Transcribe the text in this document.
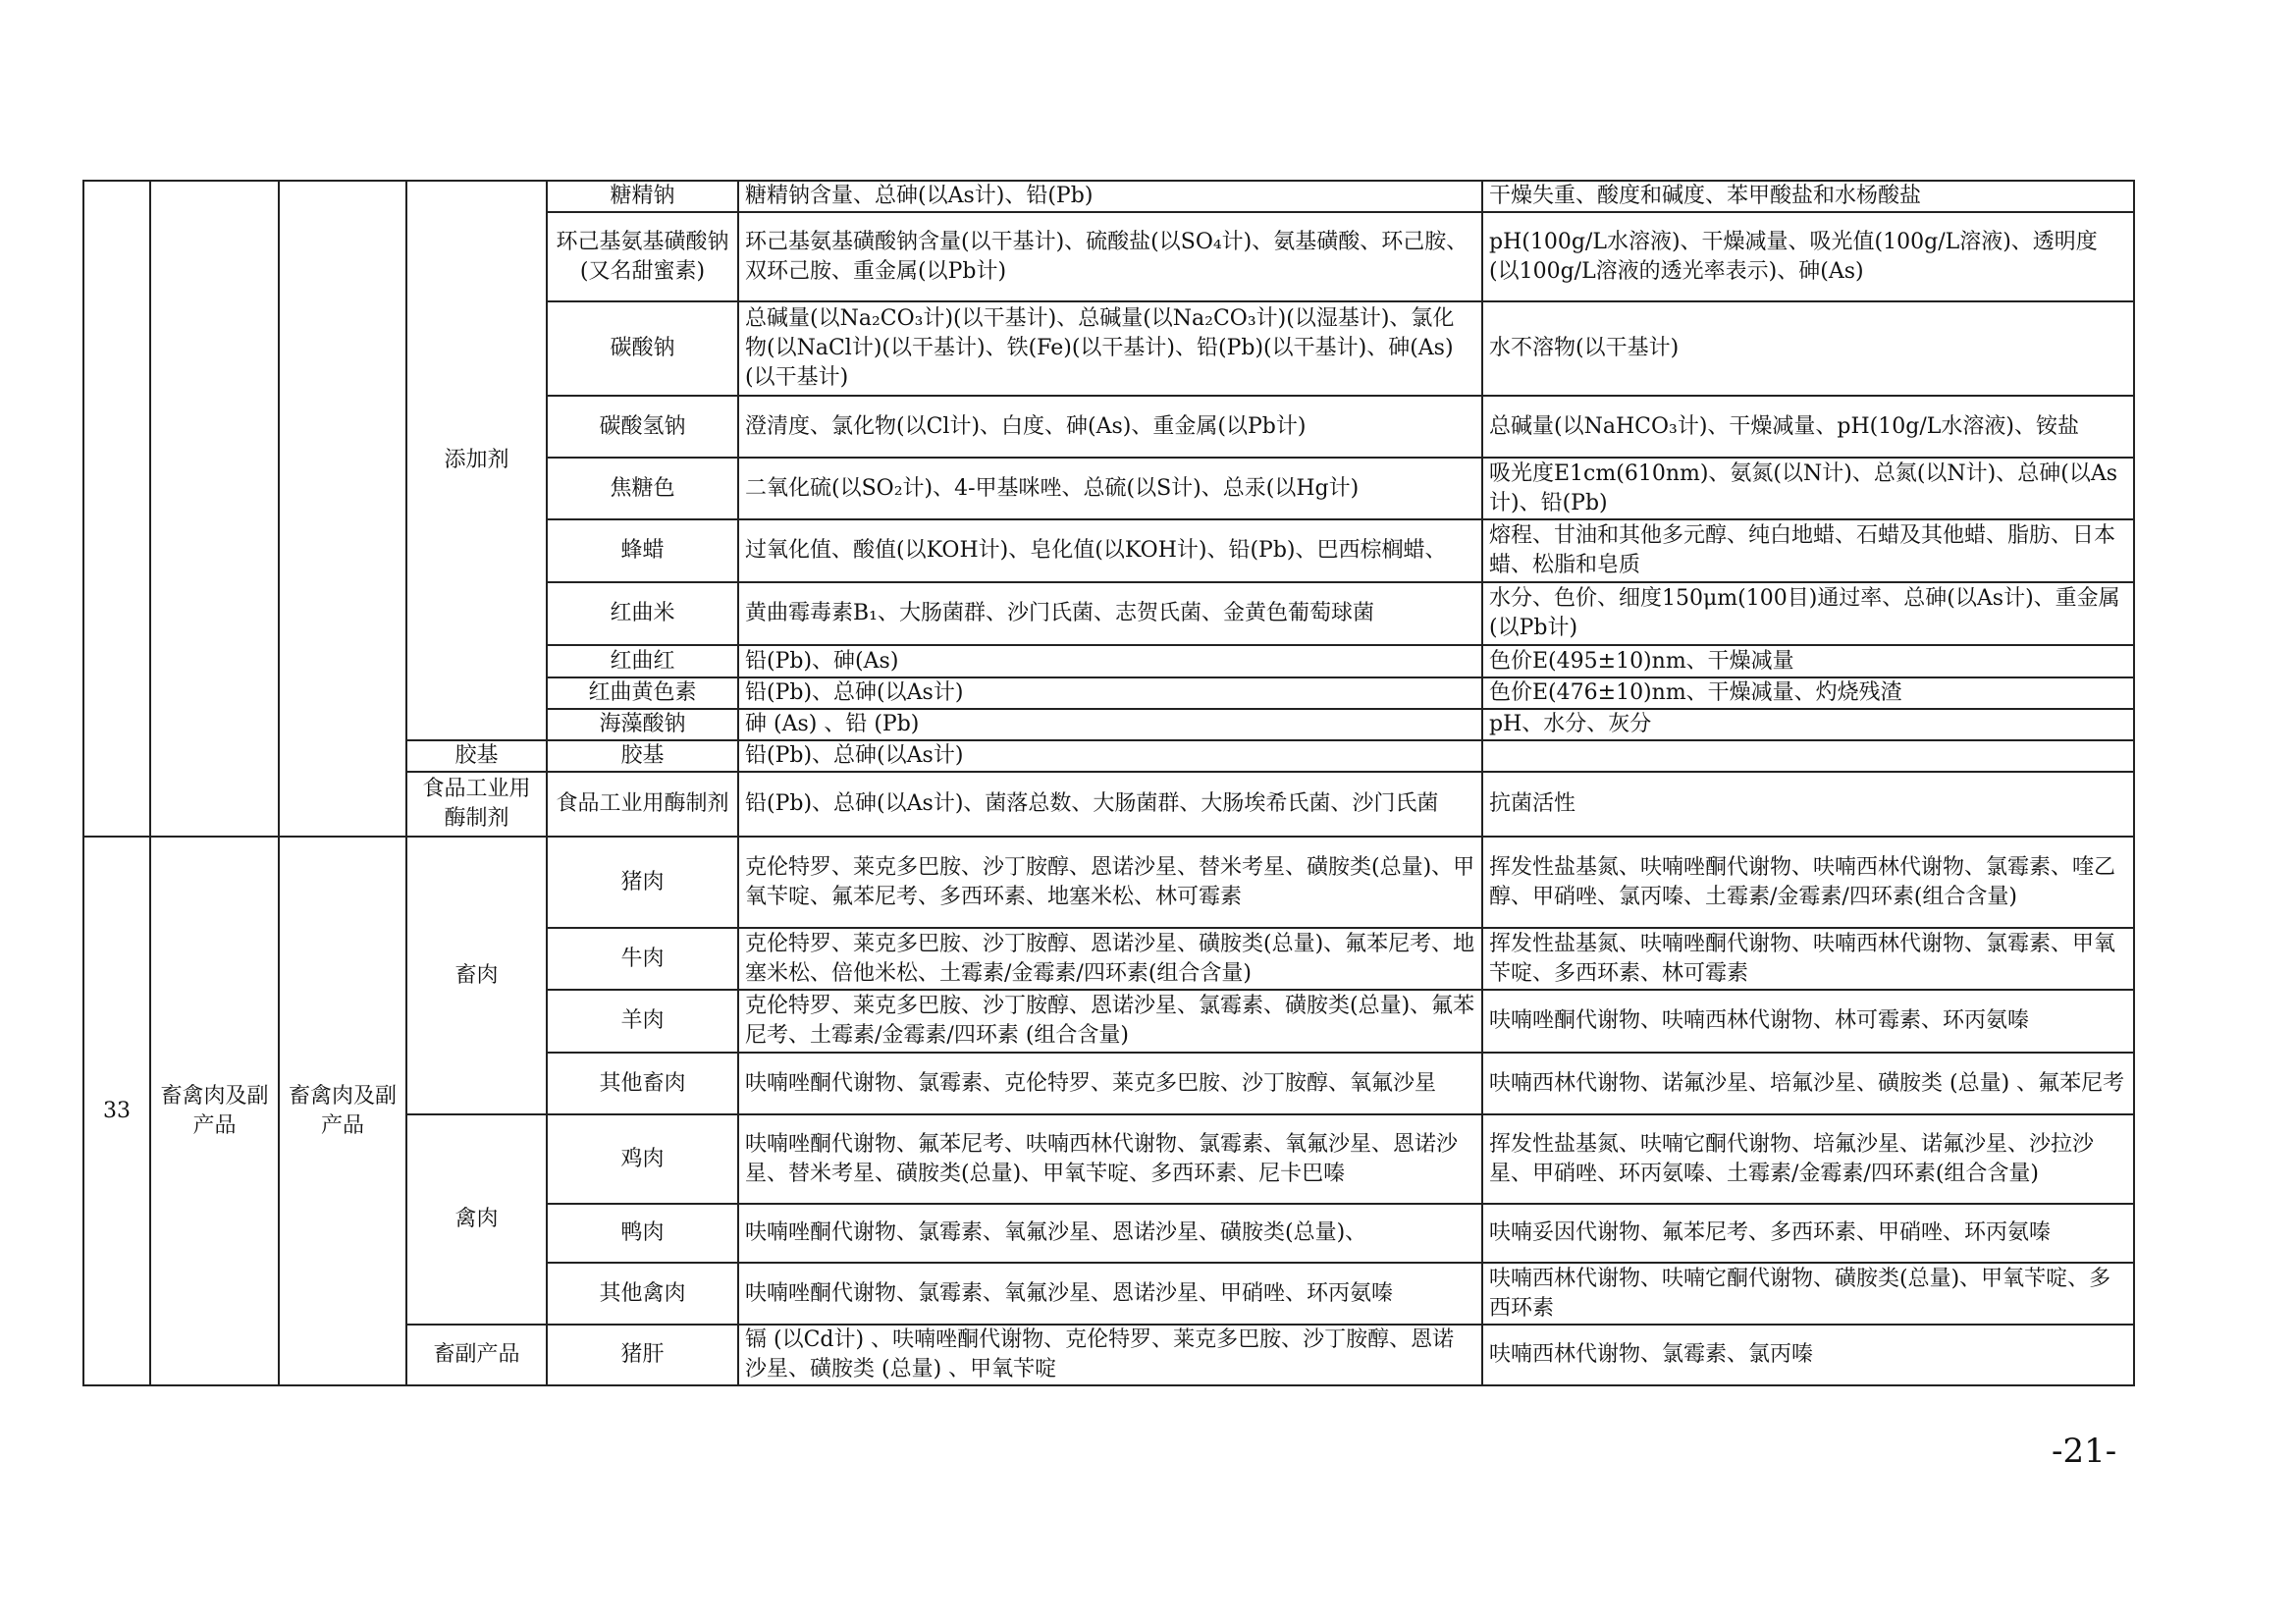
			添加剂	糖精钠	糖精钠含量、总砷(以As计)、铅(Pb)	干燥失重、酸度和碱度、苯甲酸盐和水杨酸盐
				环己基氨基磺酸钠(又名甜蜜素)	环己基氨基磺酸钠含量(以干基计)、硫酸盐(以SO₄计)、氨基磺酸、环己胺、双环己胺、重金属(以Pb计)	pH(100g/L水溶液)、干燥减量、吸光值(100g/L溶液)、透明度(以100g/L溶液的透光率表示)、砷(As)
				碳酸钠	总碱量(以Na₂CO₃计)(以干基计)、总碱量(以Na₂CO₃计)(以湿基计)、氯化物(以NaCl计)(以干基计)、铁(Fe)(以干基计)、铅(Pb)(以干基计)、砷(As)(以干基计)	水不溶物(以干基计)
				碳酸氢钠	澄清度、氯化物(以Cl计)、白度、砷(As)、重金属(以Pb计)	总碱量(以NaHCO₃计)、干燥减量、pH(10g/L水溶液)、铵盐
				焦糖色	二氧化硫(以SO₂计)、4-甲基咪唑、总硫(以S计)、总汞(以Hg计)	吸光度E1cm(610nm)、氨氮(以N计)、总氮(以N计)、总砷(以As计)、铅(Pb)
				蜂蜡	过氧化值、酸值(以KOH计)、皂化值(以KOH计)、铅(Pb)、巴西棕榈蜡、	熔程、甘油和其他多元醇、纯白地蜡、石蜡及其他蜡、脂肪、日本蜡、松脂和皂质
				红曲米	黄曲霉毒素B₁、大肠菌群、沙门氏菌、志贺氏菌、金黄色葡萄球菌	水分、色价、细度150μm(100目)通过率、总砷(以As计)、重金属(以Pb计)
				红曲红	铅(Pb)、砷(As)	色价E(495±10)nm、干燥减量
				红曲黄色素	铅(Pb)、总砷(以As计)	色价E(476±10)nm、干燥减量、灼烧残渣
				海藻酸钠	砷 (As) 、铅 (Pb)	pH、水分、灰分
			胶基	胶基	铅(Pb)、总砷(以As计)	
			食品工业用酶制剂	食品工业用酶制剂	铅(Pb)、总砷(以As计)、菌落总数、大肠菌群、大肠埃希氏菌、沙门氏菌	抗菌活性
33	畜禽肉及副产品	畜禽肉及副产品	畜肉	猪肉	克伦特罗、莱克多巴胺、沙丁胺醇、恩诺沙星、替米考星、磺胺类(总量)、甲氧苄啶、氟苯尼考、多西环素、地塞米松、林可霉素	挥发性盐基氮、呋喃唑酮代谢物、呋喃西林代谢物、氯霉素、喹乙醇、甲硝唑、氯丙嗪、土霉素/金霉素/四环素(组合含量)
				牛肉	克伦特罗、莱克多巴胺、沙丁胺醇、恩诺沙星、磺胺类(总量)、氟苯尼考、地塞米松、倍他米松、土霉素/金霉素/四环素(组合含量)	挥发性盐基氮、呋喃唑酮代谢物、呋喃西林代谢物、氯霉素、甲氧苄啶、多西环素、林可霉素
				羊肉	克伦特罗、莱克多巴胺、沙丁胺醇、恩诺沙星、氯霉素、磺胺类(总量)、氟苯尼考、土霉素/金霉素/四环素 (组合含量)	呋喃唑酮代谢物、呋喃西林代谢物、林可霉素、环丙氨嗪
				其他畜肉	呋喃唑酮代谢物、氯霉素、克伦特罗、莱克多巴胺、沙丁胺醇、氧氟沙星	呋喃西林代谢物、诺氟沙星、培氟沙星、磺胺类 (总量) 、氟苯尼考
			禽肉	鸡肉	呋喃唑酮代谢物、氟苯尼考、呋喃西林代谢物、氯霉素、氧氟沙星、恩诺沙星、替米考星、磺胺类(总量)、甲氧苄啶、多西环素、尼卡巴嗪	挥发性盐基氮、呋喃它酮代谢物、培氟沙星、诺氟沙星、沙拉沙星、甲硝唑、环丙氨嗪、土霉素/金霉素/四环素(组合含量)
				鸭肉	呋喃唑酮代谢物、氯霉素、氧氟沙星、恩诺沙星、磺胺类(总量)、	呋喃妥因代谢物、氟苯尼考、多西环素、甲硝唑、环丙氨嗪
				其他禽肉	呋喃唑酮代谢物、氯霉素、氧氟沙星、恩诺沙星、甲硝唑、环丙氨嗪	呋喃西林代谢物、呋喃它酮代谢物、磺胺类(总量)、甲氧苄啶、多西环素
			畜副产品	猪肝	镉 (以Cd计) 、呋喃唑酮代谢物、克伦特罗、莱克多巴胺、沙丁胺醇、恩诺沙星、磺胺类 (总量) 、甲氧苄啶	呋喃西林代谢物、氯霉素、氯丙嗪
-21-
